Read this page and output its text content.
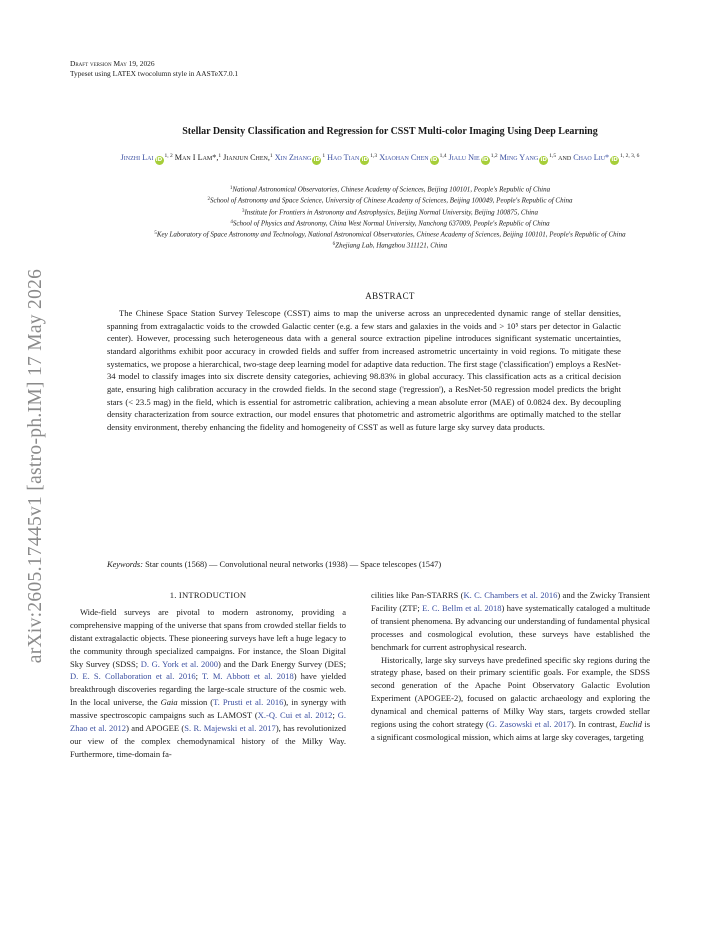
arXiv:2605.17445v1 [astro-ph.IM] 17 May 2026
Draft version May 19, 2026
Typeset using LATEX twocolumn style in AASTeX7.0.1
Stellar Density Classification and Regression for CSST Multi-color Imaging Using Deep Learning
Jinzhi Lai iD$^{1, 2}$ Man I Lam*,$^1$ Jianjun Chen,$^1$ Xin Zhang $iD^1$ Hao Tian iD$^{1,3}$ Xiaohan Chen iD$^{1,4}$ Jialu Nie iD$^{1,2}$ Ming Yang iD$^{1,5}$ and Chao Liu* iD$^{1, 2, 3, 6}$
$^1$National Astronomical Observatories, Chinese Academy of Sciences, Beijing 100101, People's Republic of China
$^2$School of Astronomy and Space Science, University of Chinese Academy of Sciences, Beijing 100049, People's Republic of China
$^3$Institute for Frontiers in Astronomy and Astrophysics, Beijing Normal University, Beijing 100875, China
$^4$School of Physics and Astronomy, China West Normal University, Nanchong 637009, People's Republic of China
$^5$Key Laboratory of Space Astronomy and Technology, National Astronomical Observatories, Chinese Academy of Sciences, Beijing 100101, People's Republic of China
$^6$Zhejiang Lab, Hangzhou 311121, China
ABSTRACT

The Chinese Space Station Survey Telescope (CSST) aims to map the universe across an unprecedented dynamic range of stellar densities, spanning from extragalactic voids to the crowded Galactic center (e.g. a few stars and galaxies in the voids and > 10⁵ stars per detector in Galactic center). However, processing such heterogeneous data with a general source extraction pipeline introduces significant systematic uncertainties, standard algorithms exhibit poor accuracy in crowded fields and suffer from increased astrometric uncertainty in void regions. To mitigate these systematics, we propose a hierarchical, two-stage deep learning model for adaptive data reduction. The first stage ('classification') employs a ResNet-34 model to classify images into six discrete density categories, achieving 98.83% in global accuracy. This classification acts as a critical decision gate, ensuring high calibration accuracy in the crowded fields. In the second stage ('regression'), a ResNet-50 regression model predicts the bright stars (< 23.5 mag) in the field, which is essential for astrometric calibration, achieving a mean absolute error (MAE) of 0.0824 dex. By decoupling density characterization from source extraction, our model ensures that photometric and astrometric algorithms are optimally matched to the stellar density environment, thereby enhancing the fidelity and homogeneity of CSST as well as future large sky survey data products.

Keywords: Star counts (1568) — Convolutional neural networks (1938) — Space telescopes (1547)
1. INTRODUCTION

Wide-field surveys are pivotal to modern astronomy, providing a comprehensive mapping of the universe that spans from crowded stellar fields to distant extragalactic objects. These pioneering surveys have left a huge legacy to the community through specialized campaigns. For instance, the Sloan Digital Sky Survey (SDSS; D. G. York et al. 2000) and the Dark Energy Survey (DES; D. E. S. Collaboration et al. 2016; T. M. Abbott et al. 2018) have yielded breakthrough discoveries regarding the large-scale structure of the cosmic web. In the local universe, the Gaia mission (T. Prusti et al. 2016), in synergy with massive spectroscopic campaigns such as LAMOST (X.-Q. Cui et al. 2012; G. Zhao et al. 2012) and APOGEE (S. R. Majewski et al. 2017), has revolutionized our view of the complex chemodynamical history of the Milky Way. Furthermore, time-domain fa-

cilities like Pan-STARRS (K. C. Chambers et al. 2016) and the Zwicky Transient Facility (ZTF; E. C. Bellm et al. 2018) have systematically cataloged a multitude of transient phenomena. By advancing our understanding of fundamental physical processes and cosmological evolution, these surveys have established the benchmark for current astrophysical research.

Historically, large sky surveys have predefined specific sky regions during the strategy phase, based on their primary scientific goals. For example, the SDSS second generation of the Apache Point Observatory Galactic Evolution Experiment (APOGEE-2), focused on galactic archaeology and exploring the dynamical and chemical patterns of Milky Way stars, targets crowded stellar regions using the cohort strategy (G. Zasowski et al. 2017). In contrast, Euclid is a significant cosmological mission, which aims at large sky coverages, targeting
